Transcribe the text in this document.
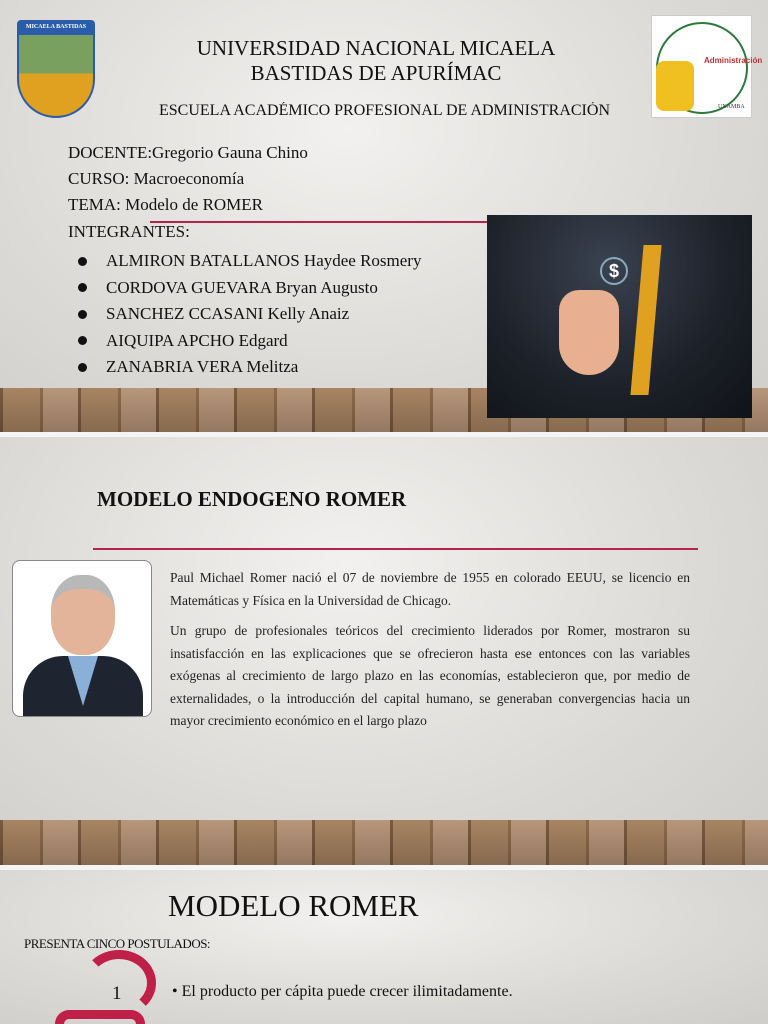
MICAELA BASTIDAS
Administración
UNAMBA
UNIVERSIDAD NACIONAL MICAELA
BASTIDAS DE APURÍMAC
ESCUELA ACADÉMICO PROFESIONAL DE ADMINISTRACIÓN
DOCENTE:Gregorio Gauna Chino
CURSO: Macroeconomía
TEMA: Modelo de ROMER
INTEGRANTES:
ALMIRON BATALLANOS Haydee Rosmery
CORDOVA GUEVARA Bryan Augusto
SANCHEZ CCASANI Kelly Anaiz
AIQUIPA APCHO Edgard
ZANABRIA VERA Melitza
$
MODELO ENDOGENO ROMER
Paul Michael Romer nació el 07 de noviembre de 1955 en colorado EEUU, se licencio en Matemáticas y Física en la Universidad de Chicago.
Un grupo de profesionales teóricos del crecimiento liderados por Romer, mostraron su insatisfacción en las explicaciones que se ofrecieron hasta ese entonces con las variables exógenas al crecimiento de largo plazo en las economías, establecieron que, por medio de externalidades, o la introducción del capital humano, se generaban convergencias hacia un mayor crecimiento económico en el largo plazo
MODELO ROMER
PRESENTA CINCO POSTULADOS:
1	• El producto per cápita puede crecer ilimitadamente.
